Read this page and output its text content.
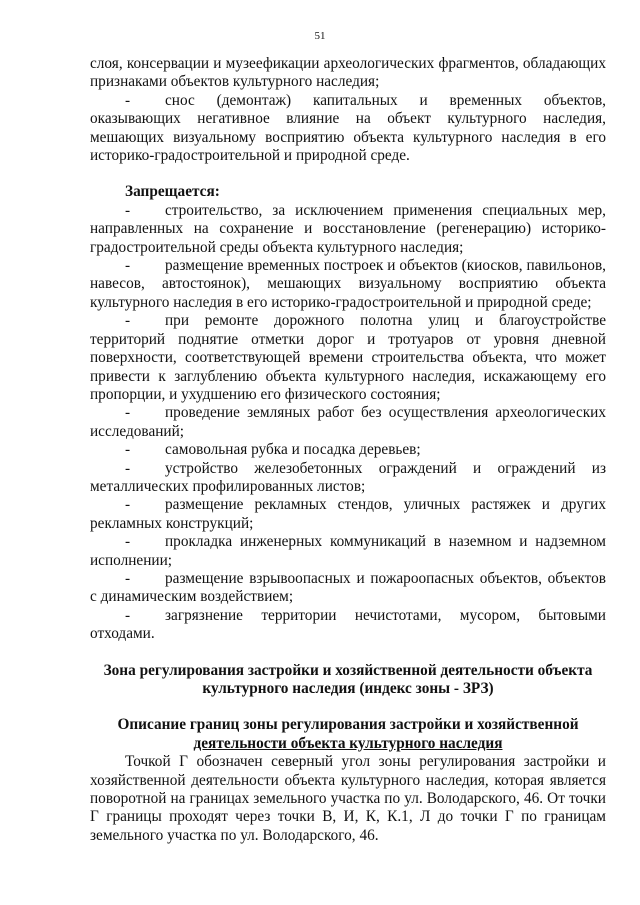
51

слоя, консервации и музеефикации археологических фрагментов, обладающих признаками объектов культурного наследия;

- снос (демонтаж) капитальных и временных объектов, оказывающих негативное влияние на объект культурного наследия, мешающих визуальному восприятию объекта культурного наследия в его историко-градостроительной и природной среде.

Запрещается:

- строительство, за исключением применения специальных мер, направленных на сохранение и восстановление (регенерацию) историко-градостроительной среды объекта культурного наследия;

- размещение временных построек и объектов (киосков, павильонов, навесов, автостоянок), мешающих визуальному восприятию объекта культурного наследия в его историко-градостроительной и природной среде;

- при ремонте дорожного полотна улиц и благоустройстве территорий поднятие отметки дорог и тротуаров от уровня дневной поверхности, соответствующей времени строительства объекта, что может привести к заглублению объекта культурного наследия, искажающему его пропорции, и ухудшению его физического состояния;

- проведение земляных работ без осуществления археологических исследований;

- самовольная рубка и посадка деревьев;

- устройство железобетонных ограждений и ограждений из металлических профилированных листов;

- размещение рекламных стендов, уличных растяжек и других рекламных конструкций;

- прокладка инженерных коммуникаций в наземном и надземном исполнении;

- размещение взрывоопасных и пожароопасных объектов, объектов с динамическим воздействием;

- загрязнение территории нечистотами, мусором, бытовыми отходами.

Зона регулирования застройки и хозяйственной деятельности объекта

культурного наследия (индекс зоны - ЗРЗ)

Описание границ зоны регулирования застройки и хозяйственной

деятельности объекта культурного наследия

Точкой Г обозначен северный угол зоны регулирования застройки и хозяйственной деятельности объекта культурного наследия, которая является поворотной на границах земельного участка по ул. Володарского, 46. От точки Г границы проходят через точки В, И, К, К.1, Л до точки Г по границам земельного участка по ул. Володарского, 46.
